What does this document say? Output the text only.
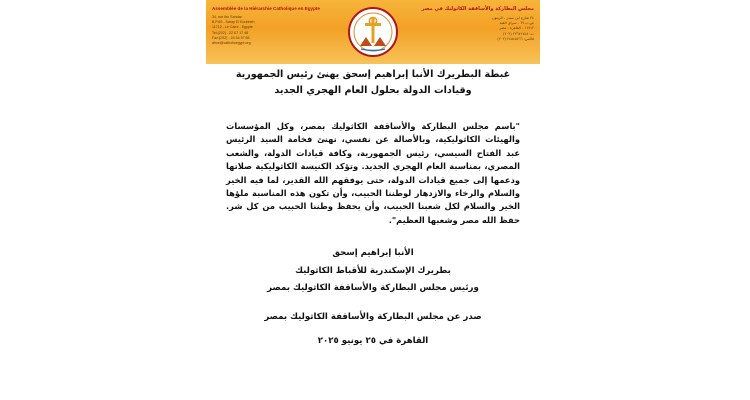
Assemblée de la Hiérarchie Catholique en Egypte
34, rue Ibn Sandar
B.P.69 - Saray El Koubbeh
11712 - Le Caire - Egypte
Tel:(202) - 22 67 17 48
Fax:(202) - 24 54 57 66
ahce@catholicegypt.org
مجلس البطاركة والأساقفة الكاثوليك في مصر
٣٤ شارع ابن سندر - الزيتون
ص.ب ٦٩ - سراي القبة
١١٧١٢ - القاهرة - مصر
ت: ٢٢٦٧١٧٤٨ (٢٠٢)
فاكس: ٢٤٥٤٥٧٦٦ (٢٠٢)
غبطة البطريرك الأنبا إبراهيم إسحق يهنئ رئيس الجمهورية
وقيادات الدولة بحلول العام الهجري الجديد
"باسم مجلس البطاركة والأساقفة الكاثوليك بمصر، وكل المؤسسات والهيئات الكاثوليكية، وبالأصالة عن نفسي، نهنئ فخامة السيد الرئيس عبد الفتاح السيسي، رئيس الجمهورية، وكافة قيادات الدولة، والشعب المصري، بمناسبة العام الهجري الجديد. وتؤكد الكنيسة الكاثوليكية صلاتها ودعمها إلى جميع قيادات الدولة، حتى يوفقهم الله القدير، لما فيه الخير والسلام والرخاء والازدهار لوطننا الحبيب، وأن تكون هذه المناسبة ملؤها الخير والسلام لكل شعبنا الحبيب، وأن يحفظ وطننا الحبيب من كل شر. حفظ الله مصر وشعبها العظيم".
الأنبا إبراهيم إسحق
بطريرك الإسكندرية للأقباط الكاثوليك
ورئيس مجلس البطاركة والأساقفة الكاثوليك بمصر
صدر عن مجلس البطاركة والأساقفة الكاثوليك بمصر
القاهرة في ٢٥ يونيو ٢٠٢٥
